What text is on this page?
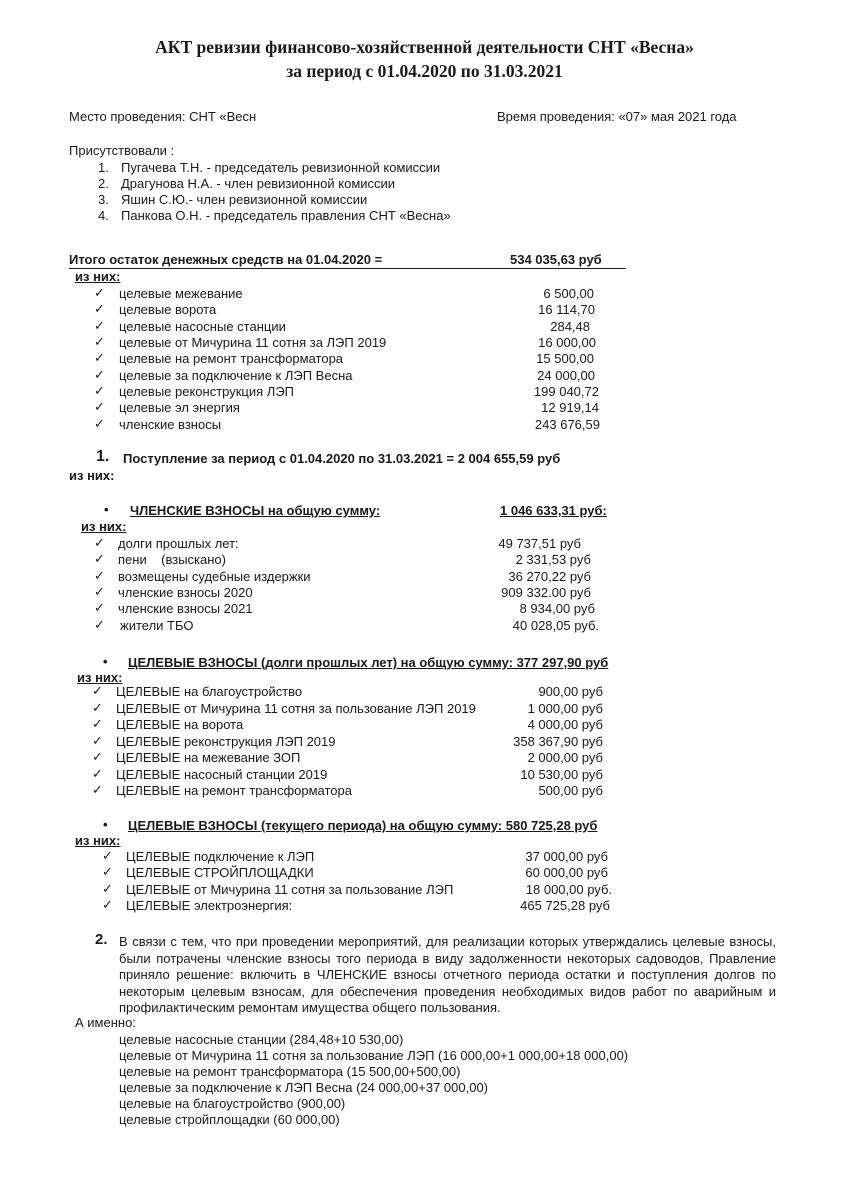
АКТ ревизии финансово-хозяйственной деятельности СНТ «Весна»
за период с 01.04.2020 по 31.03.2021
Место проведения: СНТ «Весн	Время проведения: «07» мая 2021 года
Присутствовали :
1. Пугачева Т.Н. - председатель ревизионной комиссии
2. Драгунова Н.А. - член ревизионной комиссии
3. Яшин С.Ю.- член ревизионной комиссии
4. Панкова О.Н. - председатель правления СНТ «Весна»
Итого остаток денежных средств на 01.04.2020 =	534 035,63 руб
из них:
✓ целевые межевание	6 500,00
✓ целевые ворота	16 114,70
✓ целевые насосные станции	284,48
✓ целевые от Мичурина 11 сотня за ЛЭП 2019	16 000,00
✓ целевые на ремонт трансформатора	15 500,00
✓ целевые за подключение к ЛЭП Весна	24 000,00
✓ целевые реконструкция ЛЭП	199 040,72
✓ целевые эл энергия	12 919,14
✓ членские взносы	243 676,59
1. Поступление за период с 01.04.2020 по 31.03.2021 = 2 004 655,59 руб
из них:
• ЧЛЕНСКИЕ ВЗНОСЫ на общую сумму:	1 046 633,31 руб:
из них:
✓ долги прошлых лет:	49 737,51 руб
✓ пени    (взыскано)	2 331,53 руб
✓ возмещены судебные издержки	36 270,22 руб
✓ членские взносы 2020	909 332.00 руб
✓ членские взносы 2021	8 934,00 руб
✓ жители ТБО	40 028,05 руб.
• ЦЕЛЕВЫЕ ВЗНОСЫ (долги прошлых лет) на общую сумму: 377 297,90 руб
из них:
✓ ЦЕЛЕВЫЕ на благоустройство	900,00 руб
✓ ЦЕЛЕВЫЕ от Мичурина 11 сотня за пользование ЛЭП 2019	1 000,00 руб
✓ ЦЕЛЕВЫЕ на ворота	4 000,00 руб
✓ ЦЕЛЕВЫЕ реконструкция ЛЭП 2019	358 367,90 руб
✓ ЦЕЛЕВЫЕ на межевание ЗОП	2 000,00 руб
✓ ЦЕЛЕВЫЕ насосный станции 2019	10 530,00 руб
✓ ЦЕЛЕВЫЕ на ремонт трансформатора	500,00 руб
• ЦЕЛЕВЫЕ ВЗНОСЫ (текущего периода) на общую сумму: 580 725,28 руб
из них:
✓ ЦЕЛЕВЫЕ подключение к ЛЭП	37 000,00 руб
✓ ЦЕЛЕВЫЕ СТРОЙПЛОЩАДКИ	60 000,00 руб
✓ ЦЕЛЕВЫЕ от Мичурина 11 сотня за пользование ЛЭП	18 000,00 руб.
✓ ЦЕЛЕВЫЕ электроэнергия:	465 725,28 руб
2. В связи с тем, что при проведении мероприятий, для реализации которых утверждались целевые взносы, были потрачены членские взносы того периода в виду задолженности некоторых садоводов, Правление приняло решение: включить в ЧЛЕНСКИЕ взносы отчетного периода остатки и поступления долгов по некоторым целевым взносам, для обеспечения проведения необходимых видов работ по аварийным и профилактическим ремонтам имущества общего пользования.
А именно:
целевые насосные станции (284,48+10 530,00)
целевые от Мичурина 11 сотня за пользование ЛЭП (16 000,00+1 000,00+18 000,00)
целевые на ремонт трансформатора (15 500,00+500,00)
целевые за подключение к ЛЭП Весна (24 000,00+37 000,00)
целевые на благоустройство (900,00)
целевые стройплощадки (60 000,00)
